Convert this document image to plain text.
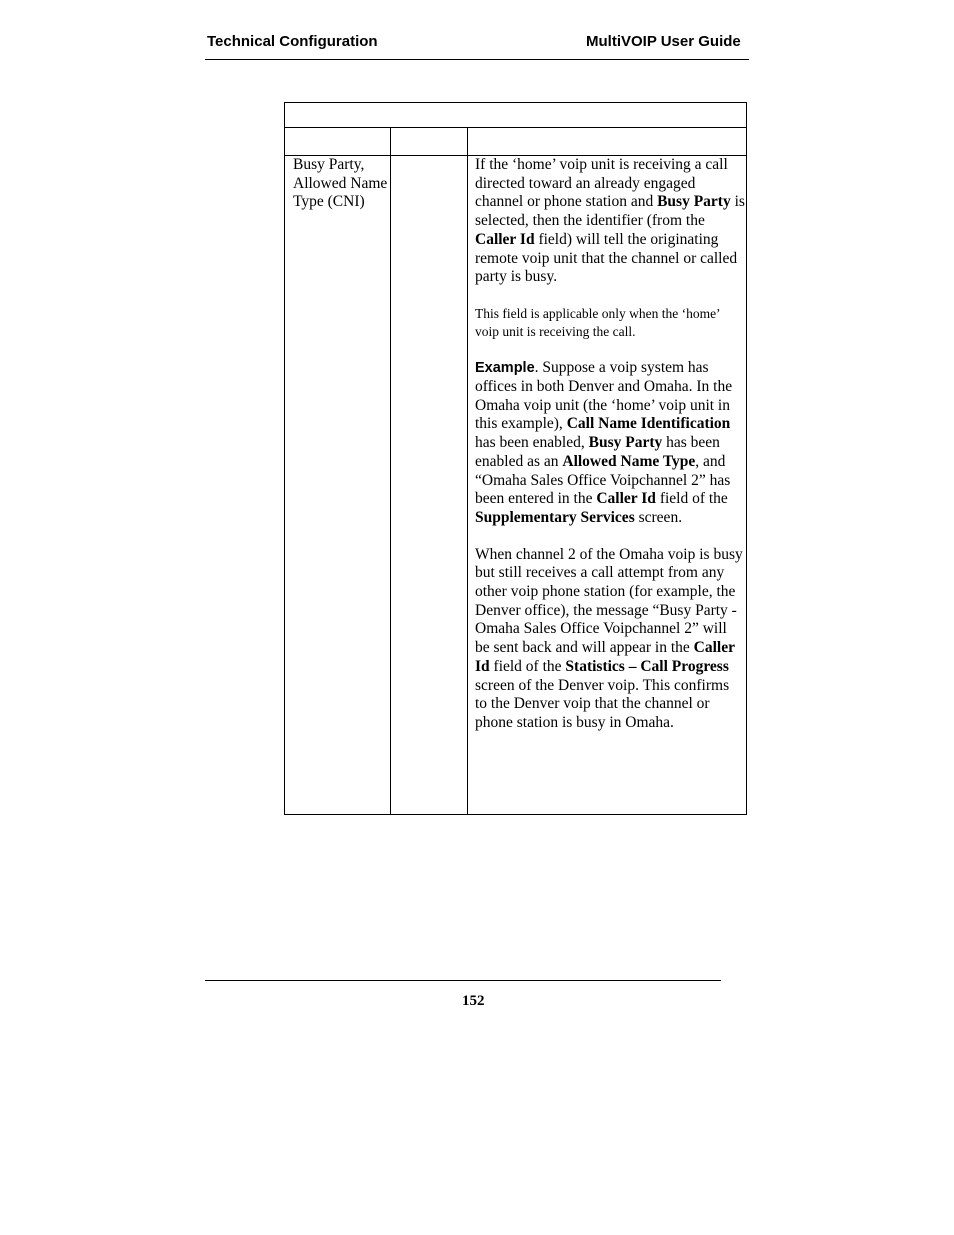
Technical Configuration	MultiVOIP User Guide
Busy Party, Allowed Name Type (CNI)

If the ‘home’ voip unit is receiving a call directed toward an already engaged channel or phone station and Busy Party is selected, then the identifier (from the Caller Id field) will tell the originating remote voip unit that the channel or called party is busy.

This field is applicable only when the ‘home’ voip unit is receiving the call.

Example. Suppose a voip system has offices in both Denver and Omaha. In the Omaha voip unit (the ‘home’ voip unit in this example), Call Name Identification has been enabled, Busy Party has been enabled as an Allowed Name Type, and “Omaha Sales Office Voipchannel 2” has been entered in the Caller Id field of the Supplementary Services screen.

When channel 2 of the Omaha voip is busy but still receives a call attempt from any other voip phone station (for example, the Denver office), the message “Busy Party - Omaha Sales Office Voipchannel 2” will be sent back and will appear in the Caller Id field of the Statistics – Call Progress screen of the Denver voip. This confirms to the Denver voip that the channel or phone station is busy in Omaha.

152
